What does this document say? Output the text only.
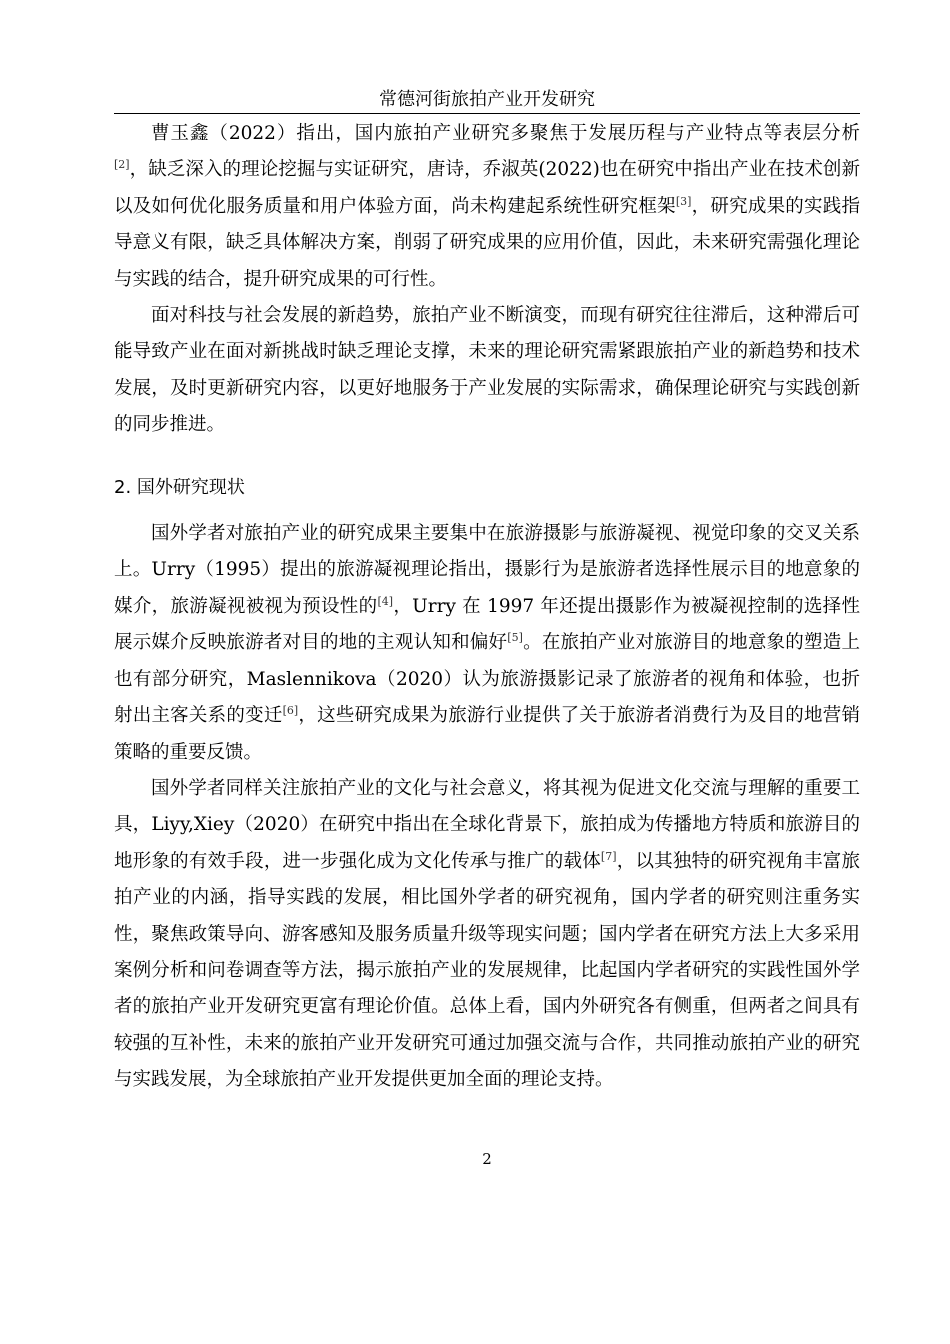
常德河街旅拍产业开发研究

曹玉鑫（2022）指出，国内旅拍产业研究多聚焦于发展历程与产业特点等表层分析[2]，缺乏深入的理论挖掘与实证研究，唐诗，乔淑英(2022)也在研究中指出产业在技术创新以及如何优化服务质量和用户体验方面，尚未构建起系统性研究框架[3]，研究成果的实践指导意义有限，缺乏具体解决方案，削弱了研究成果的应用价值，因此，未来研究需强化理论与实践的结合，提升研究成果的可行性。

面对科技与社会发展的新趋势，旅拍产业不断演变，而现有研究往往滞后，这种滞后可能导致产业在面对新挑战时缺乏理论支撑，未来的理论研究需紧跟旅拍产业的新趋势和技术发展，及时更新研究内容，以更好地服务于产业发展的实际需求，确保理论研究与实践创新的同步推进。

2. 国外研究现状

国外学者对旅拍产业的研究成果主要集中在旅游摄影与旅游凝视、视觉印象的交叉关系上。Urry（1995）提出的旅游凝视理论指出，摄影行为是旅游者选择性展示目的地意象的媒介，旅游凝视被视为预设性的[4]，Urry 在 1997 年还提出摄影作为被凝视控制的选择性展示媒介反映旅游者对目的地的主观认知和偏好[5]。在旅拍产业对旅游目的地意象的塑造上也有部分研究，Maslennikova（2020）认为旅游摄影记录了旅游者的视角和体验，也折射出主客关系的变迁[6]，这些研究成果为旅游行业提供了关于旅游者消费行为及目的地营销策略的重要反馈。

国外学者同样关注旅拍产业的文化与社会意义，将其视为促进文化交流与理解的重要工具，Liyy,Xiey（2020）在研究中指出在全球化背景下，旅拍成为传播地方特质和旅游目的地形象的有效手段，进一步强化成为文化传承与推广的载体[7]，以其独特的研究视角丰富旅拍产业的内涵，指导实践的发展，相比国外学者的研究视角，国内学者的研究则注重务实性，聚焦政策导向、游客感知及服务质量升级等现实问题；国内学者在研究方法上大多采用案例分析和问卷调查等方法，揭示旅拍产业的发展规律，比起国内学者研究的实践性国外学者的旅拍产业开发研究更富有理论价值。总体上看，国内外研究各有侧重，但两者之间具有较强的互补性，未来的旅拍产业开发研究可通过加强交流与合作，共同推动旅拍产业的研究与实践发展，为全球旅拍产业开发提供更加全面的理论支持。

2
